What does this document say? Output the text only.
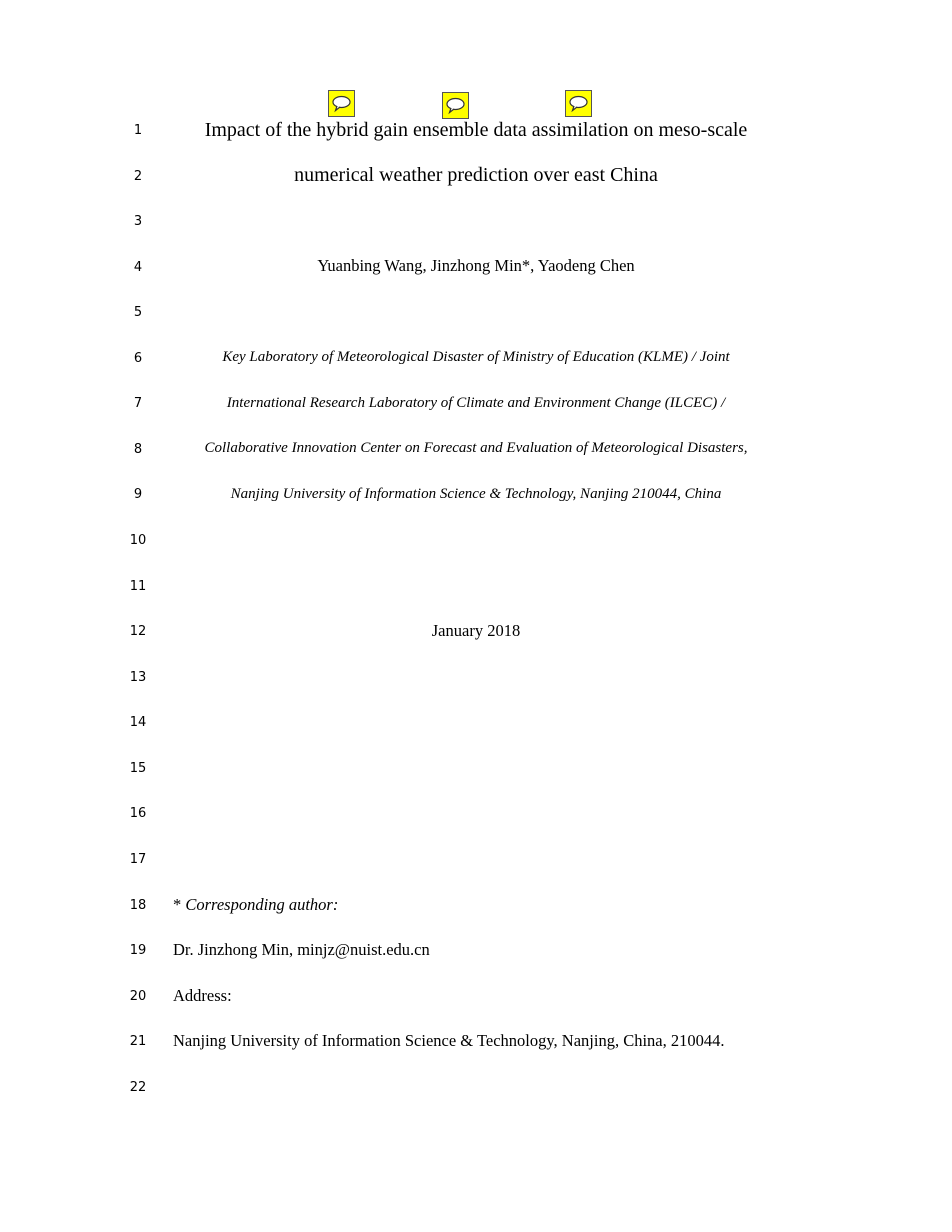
1
2
3
4
5
6
7
8
9
10
11
12
13
14
15
16
17
18
19
20
21
22
Impact of the hybrid gain ensemble data assimilation on meso-scale
numerical weather prediction over east China
Yuanbing Wang, Jinzhong Min*, Yaodeng Chen
Key Laboratory of Meteorological Disaster of Ministry of Education (KLME) / Joint
International Research Laboratory of Climate and Environment Change (ILCEC) /
Collaborative Innovation Center on Forecast and Evaluation of Meteorological Disasters,
Nanjing University of Information Science & Technology, Nanjing 210044, China
January 2018
* Corresponding author:
Dr. Jinzhong Min, minjz@nuist.edu.cn
Address:
Nanjing University of Information Science & Technology, Nanjing, China, 210044.
